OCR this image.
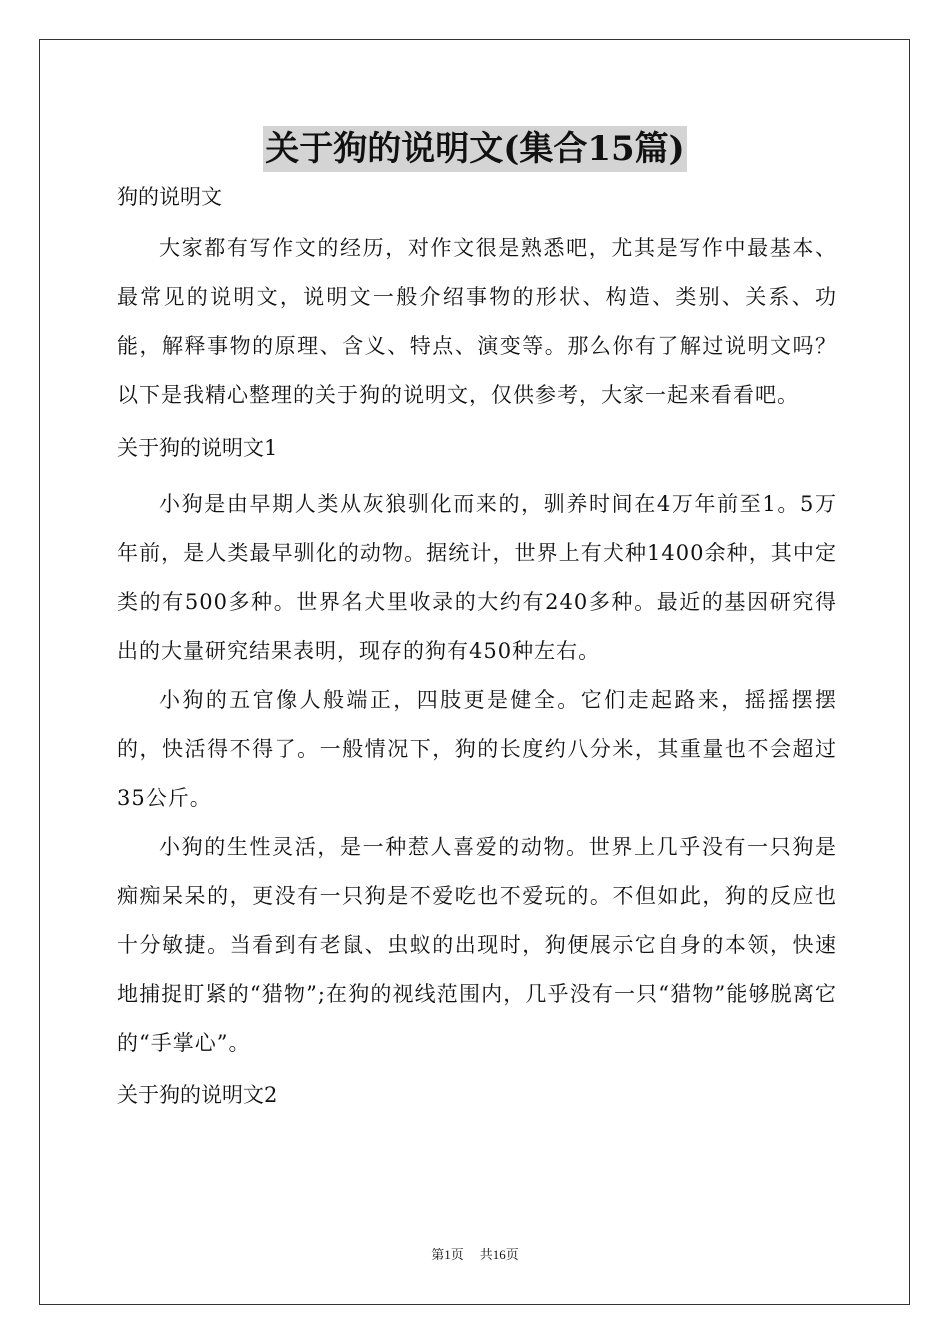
关于狗的说明文(集合15篇)

狗的说明文

大家都有写作文的经历，对作文很是熟悉吧，尤其是写作中最基本、最常见的说明文，说明文一般介绍事物的形状、构造、类别、关系、功能，解释事物的原理、含义、特点、演变等。那么你有了解过说明文吗？以下是我精心整理的关于狗的说明文，仅供参考，大家一起来看看吧。

关于狗的说明文1

小狗是由早期人类从灰狼驯化而来的，驯养时间在4万年前至1。5万年前，是人类最早驯化的动物。据统计，世界上有犬种1400余种，其中定类的有500多种。世界名犬里收录的大约有240多种。最近的基因研究得出的大量研究结果表明，现存的狗有450种左右。

小狗的五官像人般端正，四肢更是健全。它们走起路来，摇摇摆摆的，快活得不得了。一般情况下，狗的长度约八分米，其重量也不会超过35公斤。

小狗的生性灵活，是一种惹人喜爱的动物。世界上几乎没有一只狗是痴痴呆呆的，更没有一只狗是不爱吃也不爱玩的。不但如此，狗的反应也十分敏捷。当看到有老鼠、虫蚁的出现时，狗便展示它自身的本领，快速地捕捉盯紧的“猎物”;在狗的视线范围内，几乎没有一只“猎物”能够脱离它的“手掌心”。

关于狗的说明文2

第1页 共16页
